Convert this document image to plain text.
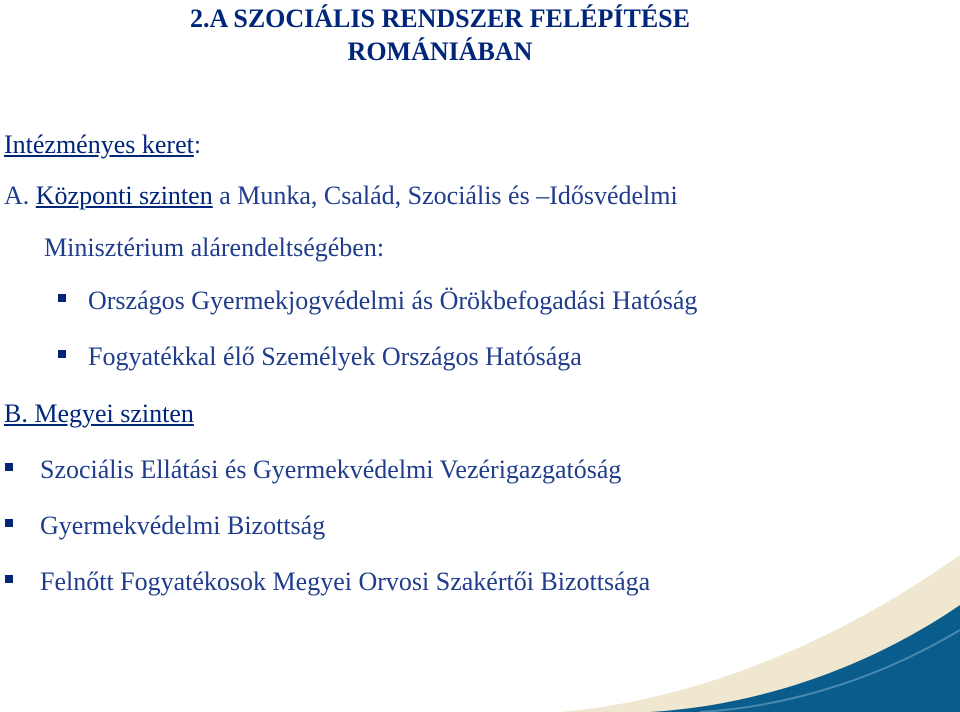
2.A SZOCIÁLIS RENDSZER FELÉPÍTÉSE
ROMÁNIÁBAN
Intézményes keret:
A. Központi szinten a Munka, Család, Szociális és –Idősvédelmi
Minisztérium alárendeltségében:
Országos Gyermekjogvédelmi ás Örökbefogadási Hatóság
Fogyatékkal élő Személyek Országos Hatósága
B. Megyei szinten
Szociális Ellátási és Gyermekvédelmi Vezérigazgatóság
Gyermekvédelmi Bizottság
Felnőtt Fogyatékosok Megyei Orvosi Szakértői Bizottsága
